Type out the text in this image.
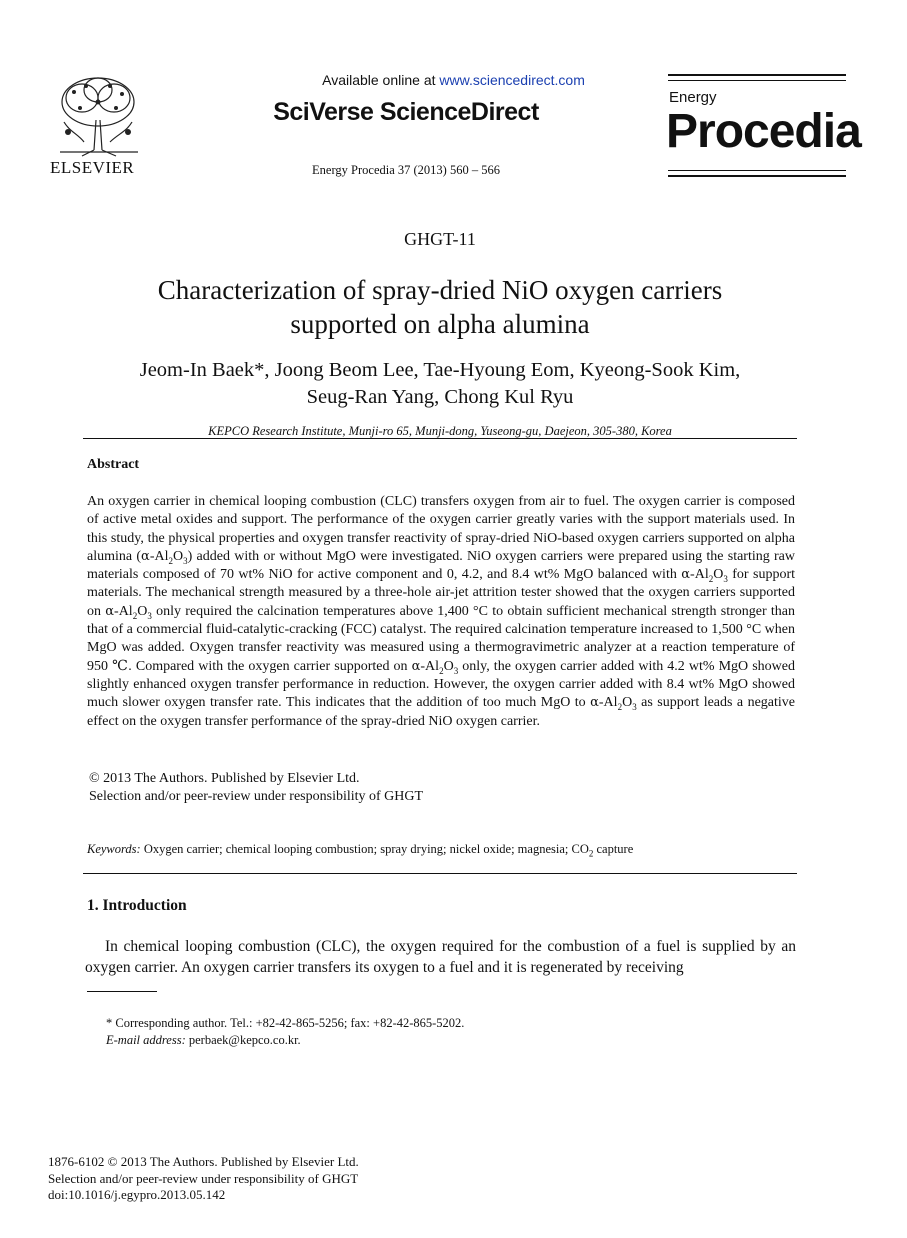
ELSEVIER
Available online at www.sciencedirect.com
SciVerse ScienceDirect
Energy Procedia 37 (2013) 560 – 566
Energy
Procedia
GHGT-11
Characterization of spray-dried NiO oxygen carriers
supported on alpha alumina
Jeom-In Baek*, Joong Beom Lee, Tae-Hyoung Eom, Kyeong-Sook Kim,
Seug-Ran Yang, Chong Kul Ryu
KEPCO Research Institute, Munji-ro 65, Munji-dong, Yuseong-gu, Daejeon, 305-380, Korea
Abstract
An oxygen carrier in chemical looping combustion (CLC) transfers oxygen from air to fuel. The oxygen carrier is composed of active metal oxides and support. The performance of the oxygen carrier greatly varies with the support materials used. In this study, the physical properties and oxygen transfer reactivity of spray-dried NiO-based oxygen carriers supported on alpha alumina $(\alpha-Al_2O_3)$ added with or without MgO were investigated. NiO oxygen carriers were prepared using the starting raw materials composed of 70 wt% NiO for active component and 0, 4.2, and 8.4 wt% MgO balanced with $\alpha-Al_2O_3$ for support materials. The mechanical strength measured by a three-hole air-jet attrition tester showed that the oxygen carriers supported on $\alpha-Al_2O_3$ only required the calcination temperatures above 1,400 °C to obtain sufficient mechanical strength stronger than that of a commercial fluid-catalytic-cracking (FCC) catalyst. The required calcination temperature increased to 1,500 °C when MgO was added. Oxygen transfer reactivity was measured using a thermogravimetric analyzer at a reaction temperature of 950 ℃. Compared with the oxygen carrier supported on $\alpha-Al_2O_3$ only, the oxygen carrier added with 4.2 wt% MgO showed slightly enhanced oxygen transfer performance in reduction. However, the oxygen carrier added with 8.4 wt% MgO showed much slower oxygen transfer rate. This indicates that the addition of too much MgO to $\alpha-Al_2O_3$ as support leads a negative effect on the oxygen transfer performance of the spray-dried NiO oxygen carrier.
© 2013 The Authors. Published by Elsevier Ltd.
Selection and/or peer-review under responsibility of GHGT
Keywords: Oxygen carrier; chemical looping combustion; spray drying; nickel oxide; magnesia; $CO_2$ capture
1. Introduction
In chemical looping combustion (CLC), the oxygen required for the combustion of a fuel is supplied by an oxygen carrier. An oxygen carrier transfers its oxygen to a fuel and it is regenerated by receiving
* Corresponding author. Tel.: +82-42-865-5256; fax: +82-42-865-5202.
E-mail address: perbaek@kepco.co.kr.
1876-6102 © 2013 The Authors. Published by Elsevier Ltd.
Selection and/or peer-review under responsibility of GHGT
doi:10.1016/j.egypro.2013.05.142
